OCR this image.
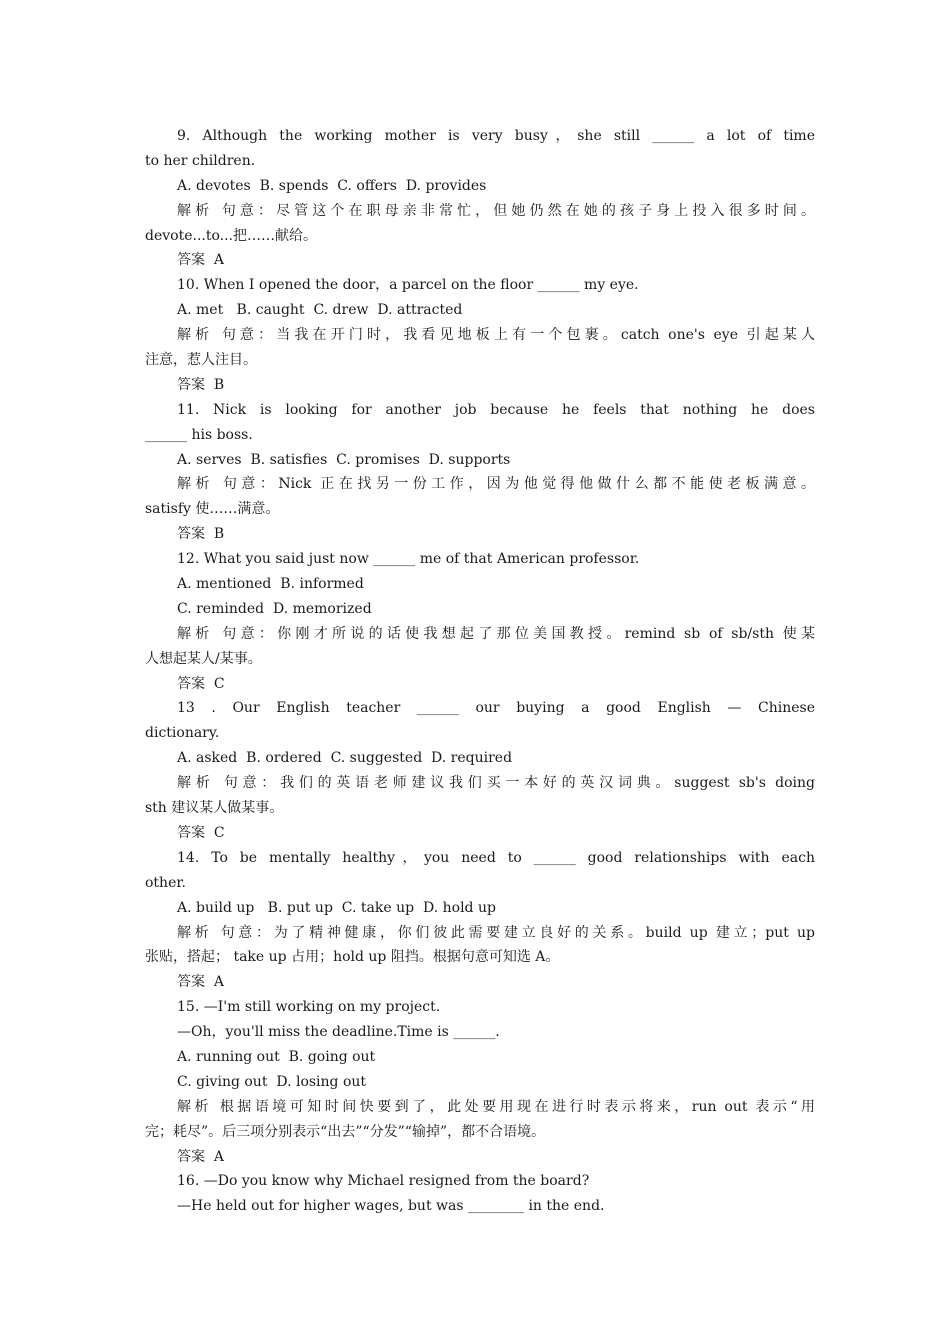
9. Although the working mother is very busy，she still ______ a lot of time
to her children.
A. devotes  B. spends  C. offers  D. provides
解析 句意：尽管这个在职母亲非常忙，但她仍然在她的孩子身上投入很多时间。
devote...to...把……献给。
答案  A
10. When I opened the door，a parcel on the floor ______ my eye.
A. met   B. caught  C. drew  D. attracted
解析 句意：当我在开门时，我看见地板上有一个包裹。catch one's eye 引起某人
注意，惹人注目。
答案  B
11. Nick is looking for another job because he feels that nothing he does
______ his boss.
A. serves  B. satisfies  C. promises  D. supports
解析 句意：Nick 正在找另一份工作，因为他觉得他做什么都不能使老板满意。
satisfy 使……满意。
答案  B
12. What you said just now ______ me of that American professor.
A. mentioned  B. informed
C. reminded  D. memorized
解析 句意：你刚才所说的话使我想起了那位美国教授。remind sb of sb/sth 使某
人想起某人/某事。
答案  C
13 . Our English teacher ______ our buying a good English — Chinese
dictionary.
A. asked  B. ordered  C. suggested  D. required
解析 句意：我们的英语老师建议我们买一本好的英汉词典。suggest sb's doing
sth 建议某人做某事。
答案  C
14. To be mentally healthy，you need to ______ good relationships with each
other.
A. build up   B. put up  C. take up  D. hold up
解析 句意：为了精神健康，你们彼此需要建立良好的关系。build up 建立；put up
张贴，搭起； take up 占用；hold up 阻挡。根据句意可知选 A。
答案  A
15. —I'm still working on my project.
—Oh，you'll miss the deadline.Time is ______.
A. running out  B. going out
C. giving out  D. losing out
解析 根据语境可知时间快要到了，此处要用现在进行时表示将来，run out 表示“用
完；耗尽”。后三项分别表示“出去”“分发”“输掉”，都不合语境。
答案  A
16. —Do you know why Michael resigned from the board?
—He held out for higher wages, but was ________ in the end.
